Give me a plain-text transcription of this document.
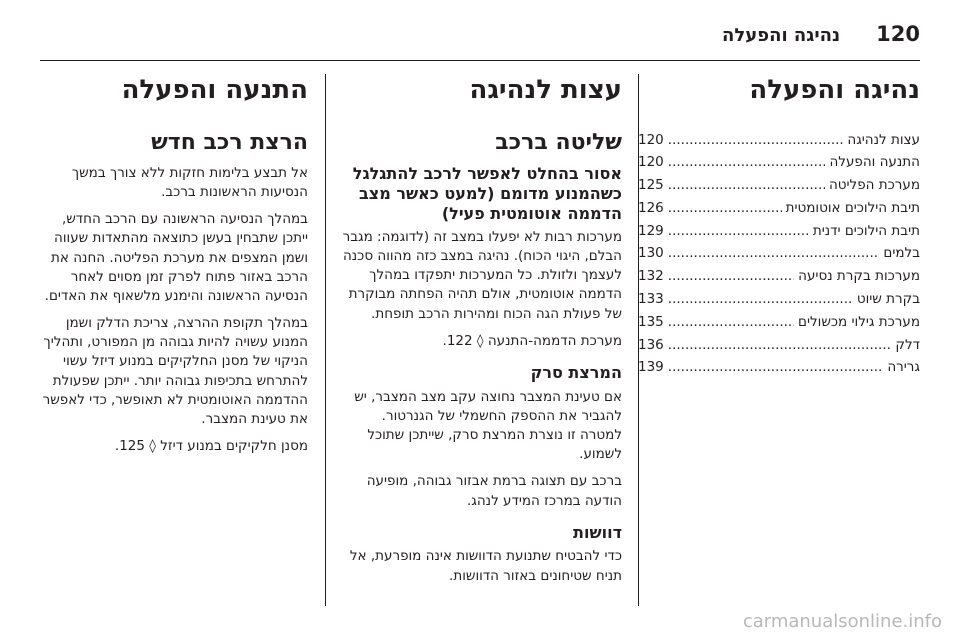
120
נהיגה והפעלה
נהיגה והפעלה
עצות לנהיגה
.....
120
התנעה והפעלה
.....
120
מערכת הפליטה
.....
125
תיבת הילוכים אוטומטית
.....
126
תיבת הילוכים ידנית
.....
129
בלמים
.....
130
מערכות בקרת נסיעה
.....
132
בקרת שיוט
.....
133
מערכת גילוי מכשולים
.....
135
דלק
.....
136
גרירה
.....
139
עצות לנהיגה
שליטה ברכב
אסור בהחלט לאפשר לרכב להתגלגל כשהמנוע מדומם (למעט כאשר מצב הדממה אוטומטית פעיל)

מערכות רבות לא יפעלו במצב זה (לדוגמה: מגבר הבלם, היגוי הכוח). נהיגה במצב כזה מהווה סכנה לעצמך ולזולת. כל המערכות יתפקדו במהלך הדממה אוטומטית, אולם תהיה הפחתה מבוקרת של פעולת הגה הכוח ומהירות הרכב תופחת.

מערכת הדממה-התנעה ◊ 122.

המרצת סרק

אם טעינת המצבר נחוצה עקב מצב המצבר, יש להגביר את ההספק החשמלי של הגנרטור. למטרה זו נוצרת המרצת סרק, שייתכן שתוכל לשמוע.

ברכב עם תצוגה ברמת אבזור גבוהה, מופיעה הודעה במרכז המידע לנהג.

דוושות

כדי להבטיח שתנועת הדוושות אינה מופרעת, אל תניח שטיחונים באזור הדוושות.

התנעה והפעלה
הרצת רכב חדש

אל תבצע בלימות חזקות ללא צורך במשך הנסיעות הראשונות ברכב.

במהלך הנסיעה הראשונה עם הרכב החדש, ייתכן שתבחין בעשן כתוצאה מהתאדות שעווה ושמן המצפים את מערכת הפליטה. החנה את הרכב באזור פתוח לפרק זמן מסוים לאחר הנסיעה הראשונה והימנע מלשאוף את האדים.

במהלך תקופת ההרצה, צריכת הדלק ושמן המנוע עשויה להיות גבוהה מן המפורט, ותהליך הניקוי של מסנן החלקיקים במנוע דיזל עשוי להתרחש בתכיפות גבוהה יותר. ייתכן שפעולת ההדממה האוטומטית לא תאופשר, כדי לאפשר את טעינת המצבר.

מסנן חלקיקים במנוע דיזל ◊ 125.

carmanualsonline.info
